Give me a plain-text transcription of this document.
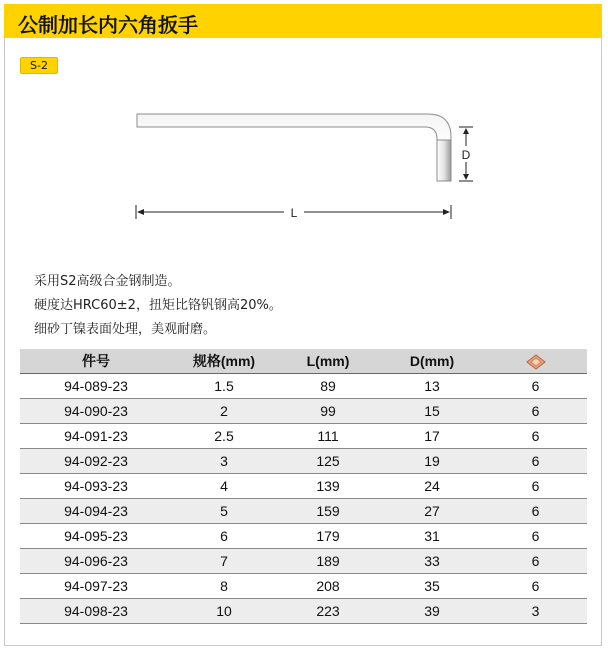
公制加长内六角扳手
S-2
D
L
采用S2高级合金钢制造。
硬度达HRC60±2，扭矩比铬钒钢高20%。
细砂丁镍表面处理，美观耐磨。
件号	规格(mm)	L(mm)	D(mm)	
94-089-23	1.5	89	13	6
94-090-23	2	99	15	6
94-091-23	2.5	111	17	6
94-092-23	3	125	19	6
94-093-23	4	139	24	6
94-094-23	5	159	27	6
94-095-23	6	179	31	6
94-096-23	7	189	33	6
94-097-23	8	208	35	6
94-098-23	10	223	39	3
